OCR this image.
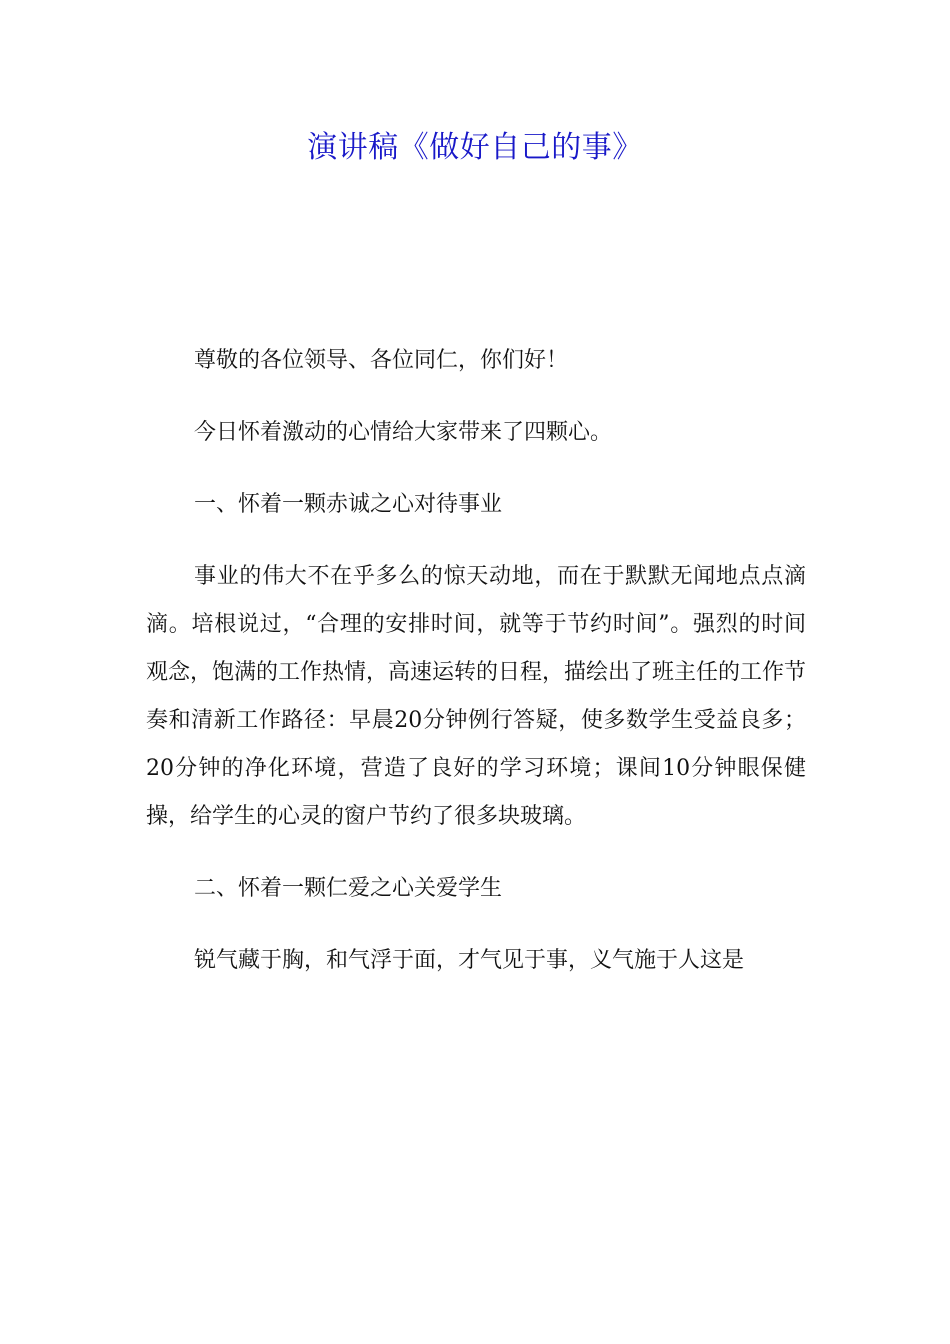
演讲稿《做好自己的事》

尊敬的各位领导、各位同仁，你们好！

今日怀着激动的心情给大家带来了四颗心。

一、怀着一颗赤诚之心对待事业

事业的伟大不在乎多么的惊天动地，而在于默默无闻地点点滴滴。培根说过，“合理的安排时间，就等于节约时间”。强烈的时间观念，饱满的工作热情，高速运转的日程，描绘出了班主任的工作节奏和清新工作路径：早晨20分钟例行答疑，使多数学生受益良多；20分钟的净化环境，营造了良好的学习环境；课间10分钟眼保健操，给学生的心灵的窗户节约了很多块玻璃。

二、怀着一颗仁爱之心关爱学生

锐气藏于胸，和气浮于面，才气见于事，义气施于人这是
